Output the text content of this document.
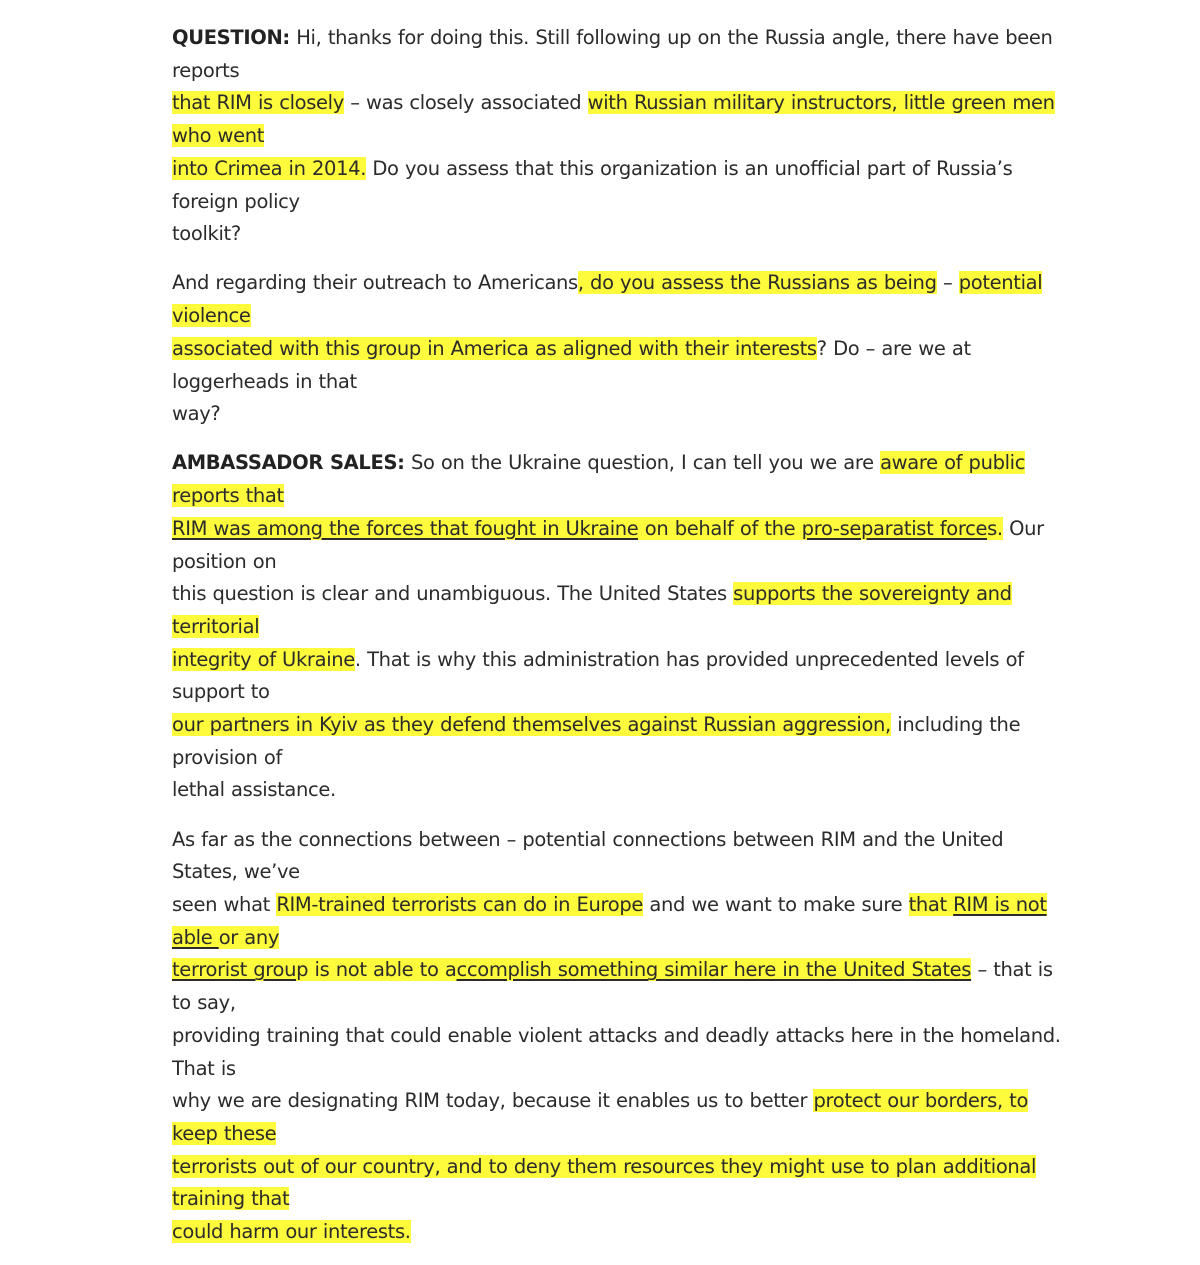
QUESTION: Hi, thanks for doing this. Still following up on the Russia angle, there have been reports
that RIM is closely – was closely associated with Russian military instructors, little green men who went
into Crimea in 2014. Do you assess that this organization is an unofficial part of Russia’s foreign policy
toolkit?

And regarding their outreach to Americans, do you assess the Russians as being – potential violence
associated with this group in America as aligned with their interests? Do – are we at loggerheads in that
way?

AMBASSADOR SALES: So on the Ukraine question, I can tell you we are aware of public reports that
RIM was among the forces that fought in Ukraine on behalf of the pro-separatist forces. Our position on
this question is clear and unambiguous. The United States supports the sovereignty and territorial
integrity of Ukraine. That is why this administration has provided unprecedented levels of support to
our partners in Kyiv as they defend themselves against Russian aggression, including the provision of
lethal assistance.

As far as the connections between – potential connections between RIM and the United States, we’ve
seen what RIM-trained terrorists can do in Europe and we want to make sure that RIM is not able or any
terrorist group is not able to accomplish something similar here in the United States – that is to say,
providing training that could enable violent attacks and deadly attacks here in the homeland. That is
why we are designating RIM today, because it enables us to better protect our borders, to keep these
terrorists out of our country, and to deny them resources they might use to plan additional training that
could harm our interests.
